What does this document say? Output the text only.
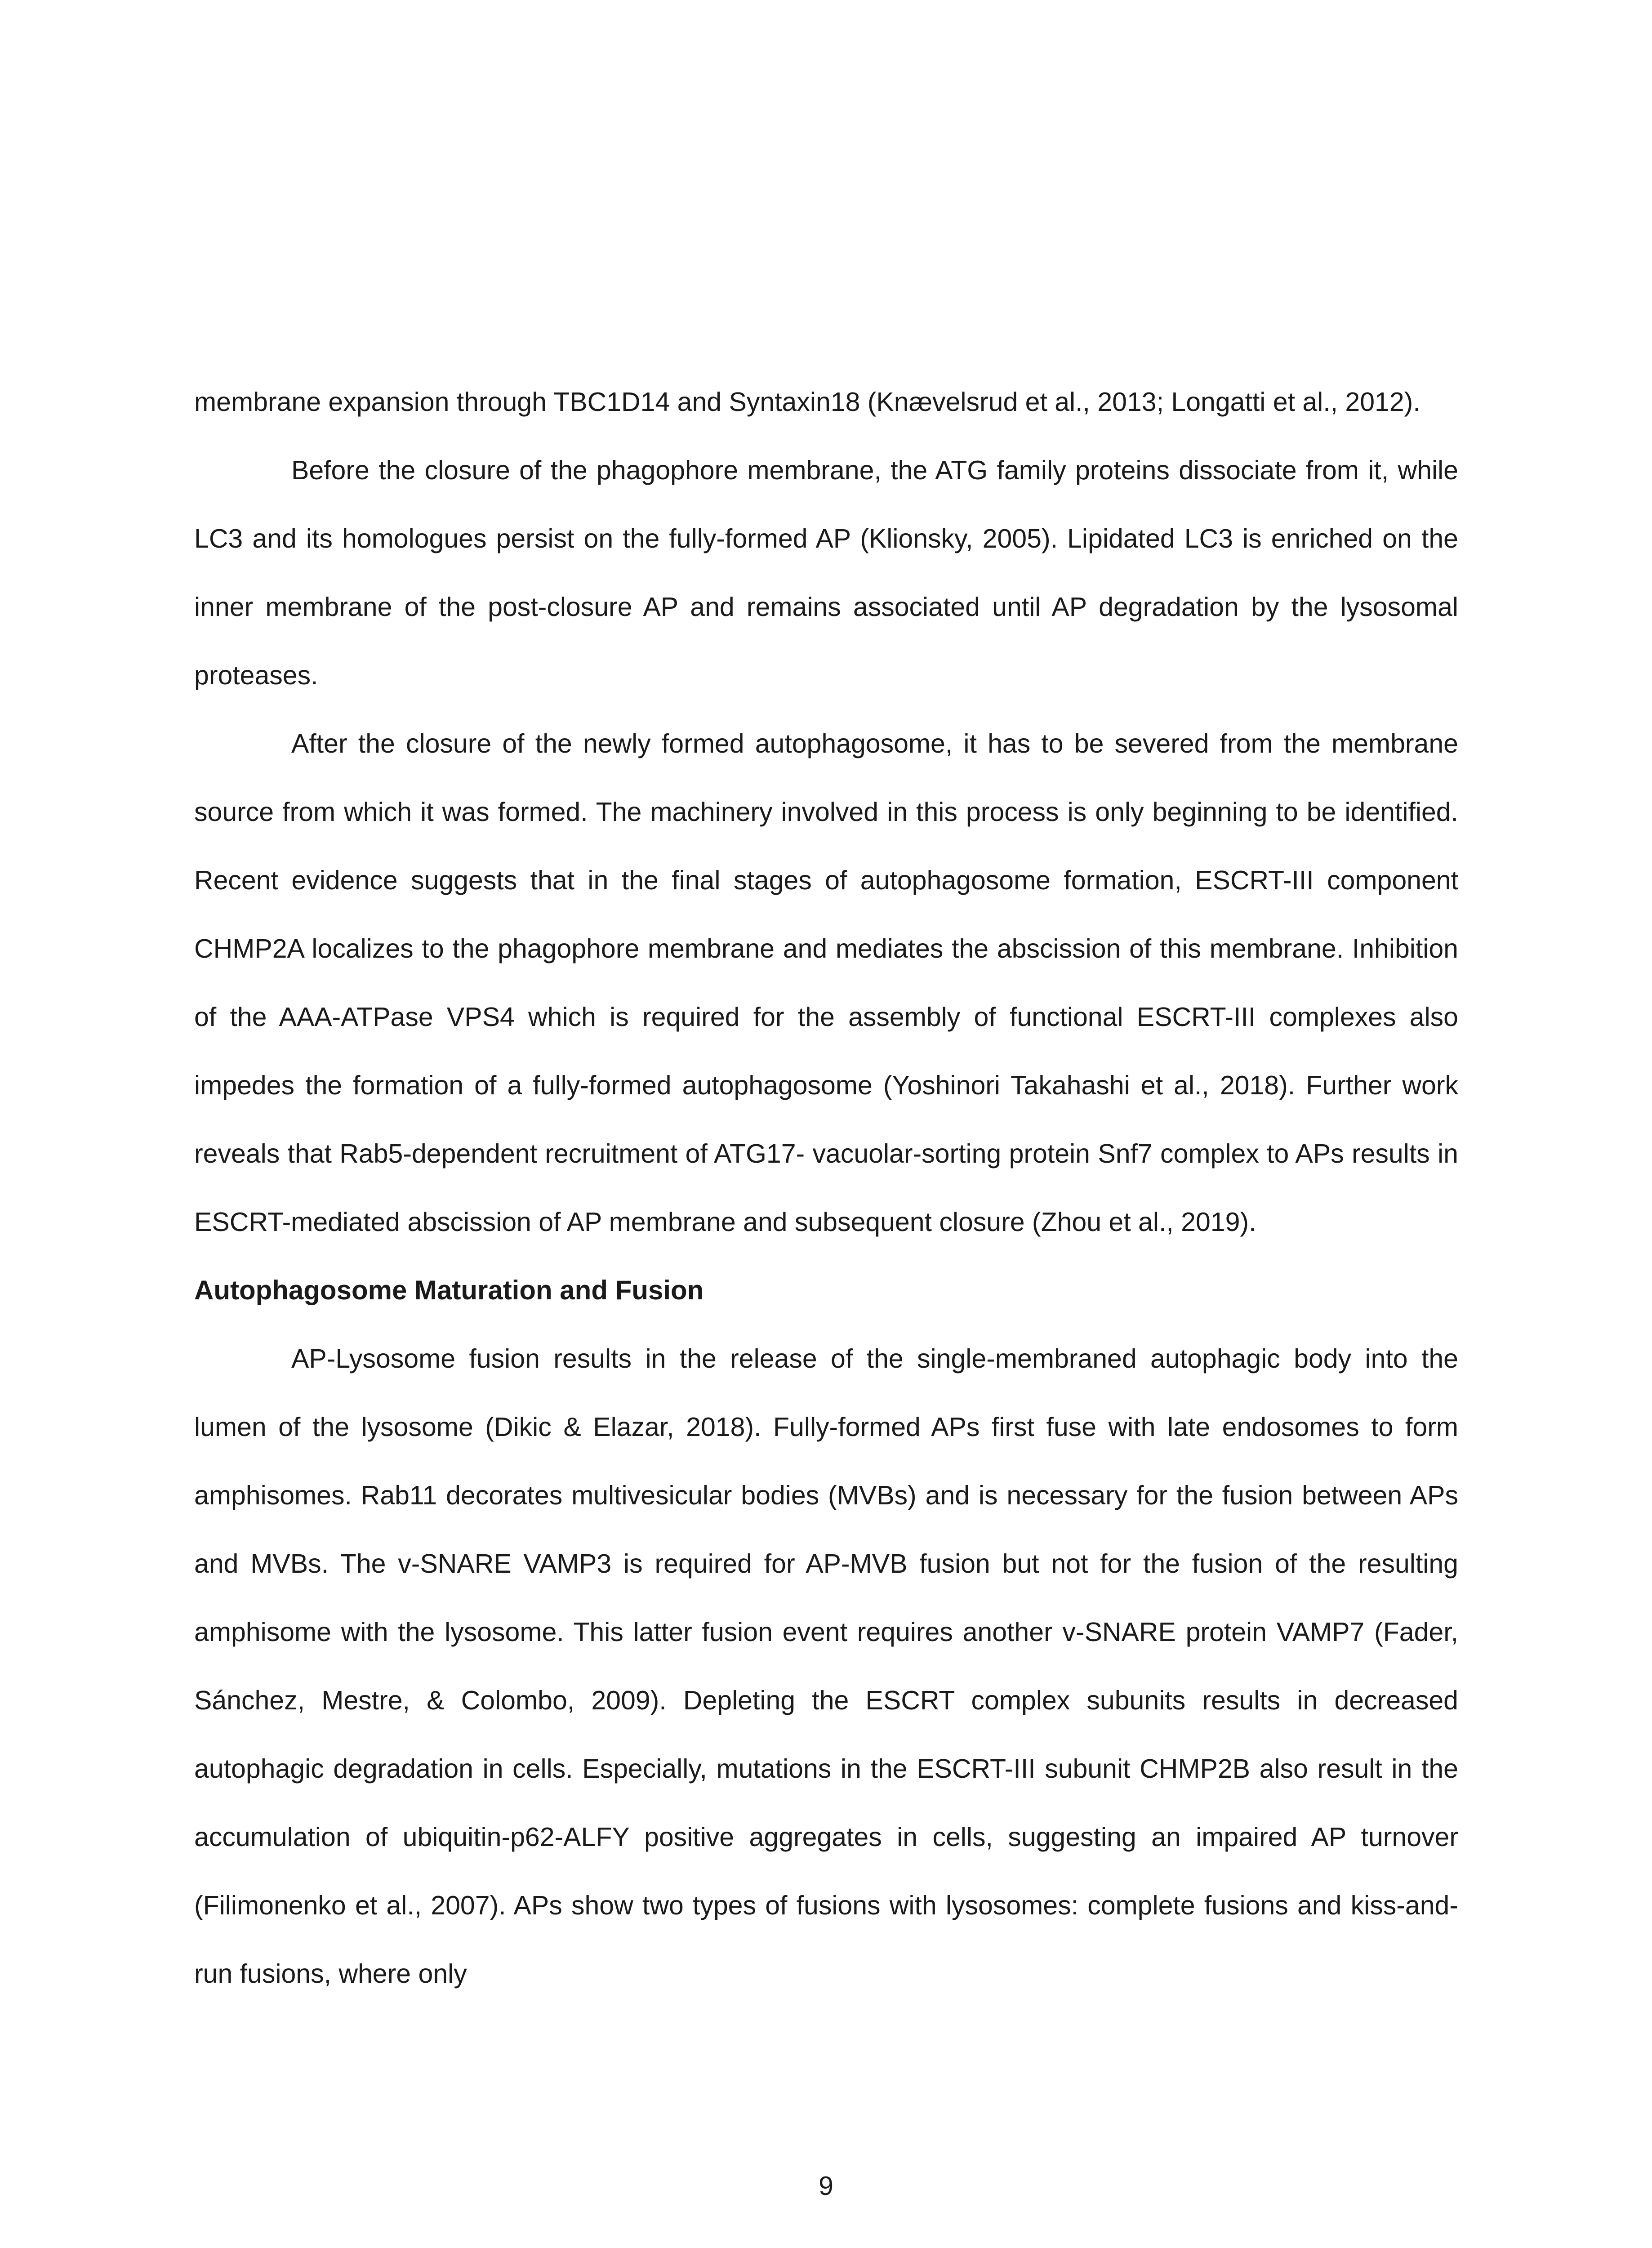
membrane expansion through TBC1D14 and Syntaxin18 (Knævelsrud et al., 2013; Longatti et al., 2012).

Before the closure of the phagophore membrane, the ATG family proteins dissociate from it, while LC3 and its homologues persist on the fully-formed AP (Klionsky, 2005). Lipidated LC3 is enriched on the inner membrane of the post-closure AP and remains associated until AP degradation by the lysosomal proteases.

After the closure of the newly formed autophagosome, it has to be severed from the membrane source from which it was formed. The machinery involved in this process is only beginning to be identified. Recent evidence suggests that in the final stages of autophagosome formation, ESCRT-III component CHMP2A localizes to the phagophore membrane and mediates the abscission of this membrane. Inhibition of the AAA-ATPase VPS4 which is required for the assembly of functional ESCRT-III complexes also impedes the formation of a fully-formed autophagosome (Yoshinori Takahashi et al., 2018). Further work reveals that Rab5-dependent recruitment of ATG17- vacuolar-sorting protein Snf7 complex to APs results in ESCRT-mediated abscission of AP membrane and subsequent closure (Zhou et al., 2019).

Autophagosome Maturation and Fusion

AP-Lysosome fusion results in the release of the single-membraned autophagic body into the lumen of the lysosome (Dikic & Elazar, 2018). Fully-formed APs first fuse with late endosomes to form amphisomes. Rab11 decorates multivesicular bodies (MVBs) and is necessary for the fusion between APs and MVBs. The v-SNARE VAMP3 is required for AP-MVB fusion but not for the fusion of the resulting amphisome with the lysosome. This latter fusion event requires another v-SNARE protein VAMP7 (Fader, Sánchez, Mestre, & Colombo, 2009). Depleting the ESCRT complex subunits results in decreased autophagic degradation in cells. Especially, mutations in the ESCRT-III subunit CHMP2B also result in the accumulation of ubiquitin-p62-ALFY positive aggregates in cells, suggesting an impaired AP turnover (Filimonenko et al., 2007). APs show two types of fusions with lysosomes: complete fusions and kiss-and-run fusions, where only

9
